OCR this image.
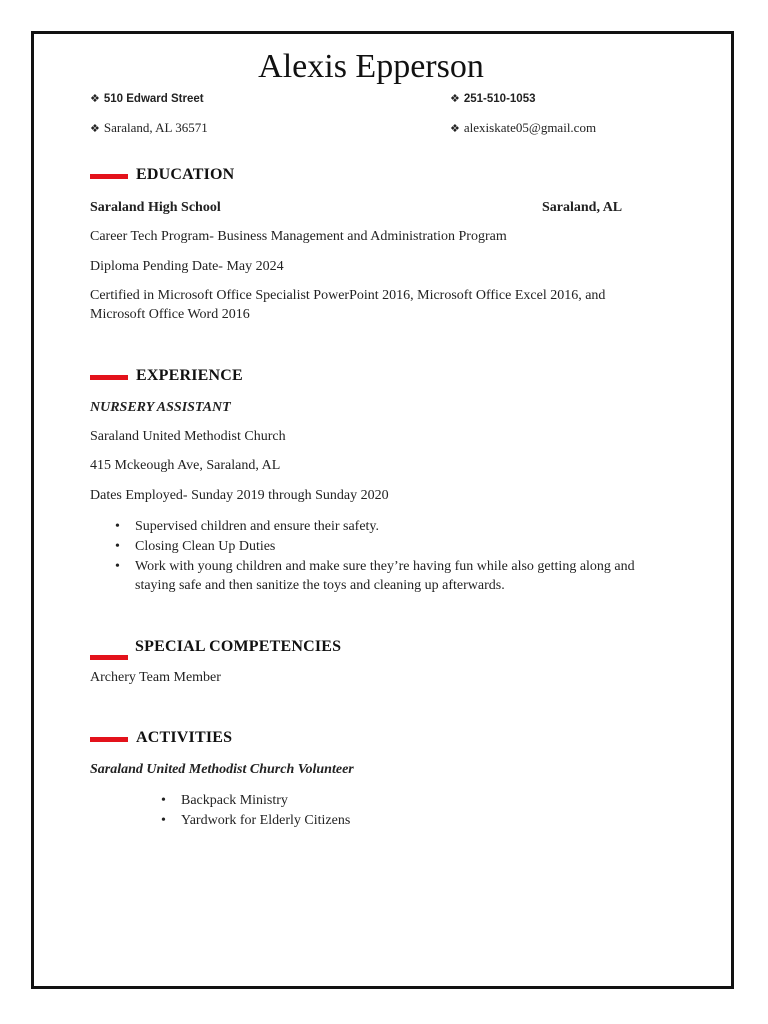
Alexis Epperson
❖ 510 Edward Street	❖ 251-510-1053
❖ Saraland, AL 36571	❖ alexiskate05@gmail.com
EDUCATION
Saraland High School	Saraland, AL
Career Tech Program- Business Management and Administration Program
Diploma Pending Date- May 2024
Certified in Microsoft Office Specialist PowerPoint 2016, Microsoft Office Excel 2016, and
Microsoft Office Word 2016
EXPERIENCE
NURSERY ASSISTANT
Saraland United Methodist Church
415 Mckeough Ave, Saraland, AL
Dates Employed- Sunday 2019 through Sunday 2020
• Supervised children and ensure their safety.
• Closing Clean Up Duties
• Work with young children and make sure they’re having fun while also getting along and
staying safe and then sanitize the toys and cleaning up afterwards.
SPECIAL COMPETENCIES
Archery Team Member
ACTIVITIES
Saraland United Methodist Church Volunteer
• Backpack Ministry
• Yardwork for Elderly Citizens
